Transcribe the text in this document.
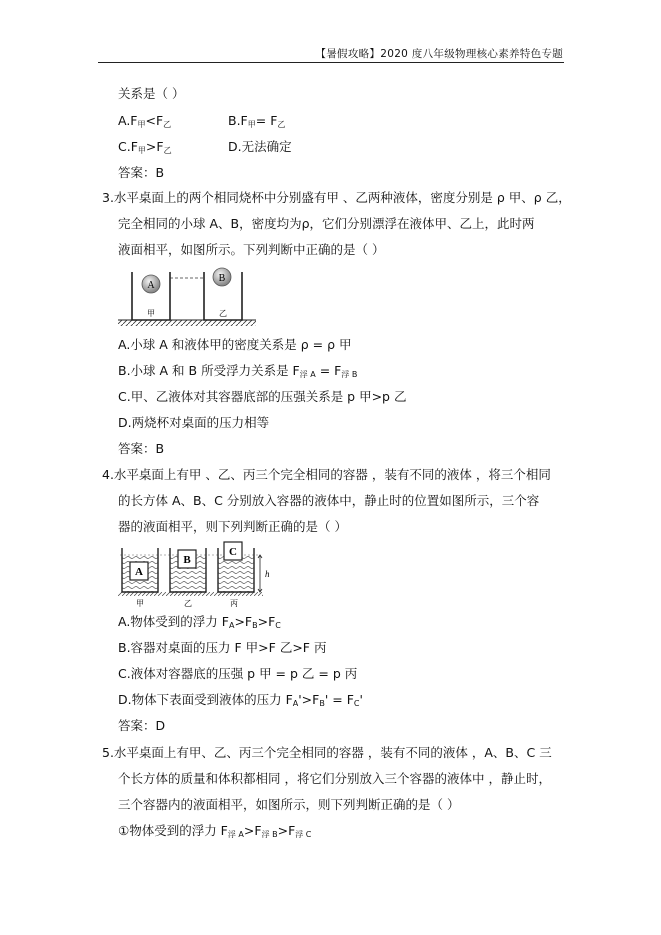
【暑假攻略】2020 度八年级物理核心素养特色专题
关系是（ ）
$A.F_甲<F_乙$	$B.F_甲= F_乙$
$C.F_甲>F_乙$	D.无法确定
答案：B
3.水平桌面上的两个相同烧杯中分别盛有甲 、乙两种液体，密度分别是 ρ 甲、ρ 乙，
完全相同的小球 A、B，密度均为ρ，它们分别漂浮在液体甲、乙上，此时两
液面相平，如图所示。下列判断中正确的是（ ）
A
B
甲	乙
A.小球 A 和液体甲的密度关系是 ρ = ρ 甲
B.小球 A 和 B 所受浮力关系是 $F_{浮 A} = F_{浮 B}$
C.甲、乙液体对其容器底部的压强关系是 p 甲>p 乙
D.两烧杯对桌面的压力相等
答案：B
4.水平桌面上有甲 、乙、丙三个完全相同的容器 ，装有不同的液体 ，将三个相同
的长方体 A、B、C 分别放入容器的液体中，静止时的位置如图所示，三个容
器的液面相平，则下列判断正确的是（ ）
A
B
C
h
甲	乙	丙
A.物体受到的浮力 $F_A>F_B>F_C$
B.容器对桌面的压力 F 甲>F 乙>F 丙
C.液体对容器底的压强 p 甲 = p 乙 = p 丙
D.物体下表面受到液体的压力 $F_A'>F_B' = F_C'$
答案：D
5.水平桌面上有甲、乙、丙三个完全相同的容器 ，装有不同的液体 ，A、B、C 三
个长方体的质量和体积都相同 ，将它们分别放入三个容器的液体中 ，静止时，
三个容器内的液面相平，如图所示，则下列判断正确的是（ ）
①物体受到的浮力 $F_{浮 A}>F_{浮 B}>F_{浮 C}$
